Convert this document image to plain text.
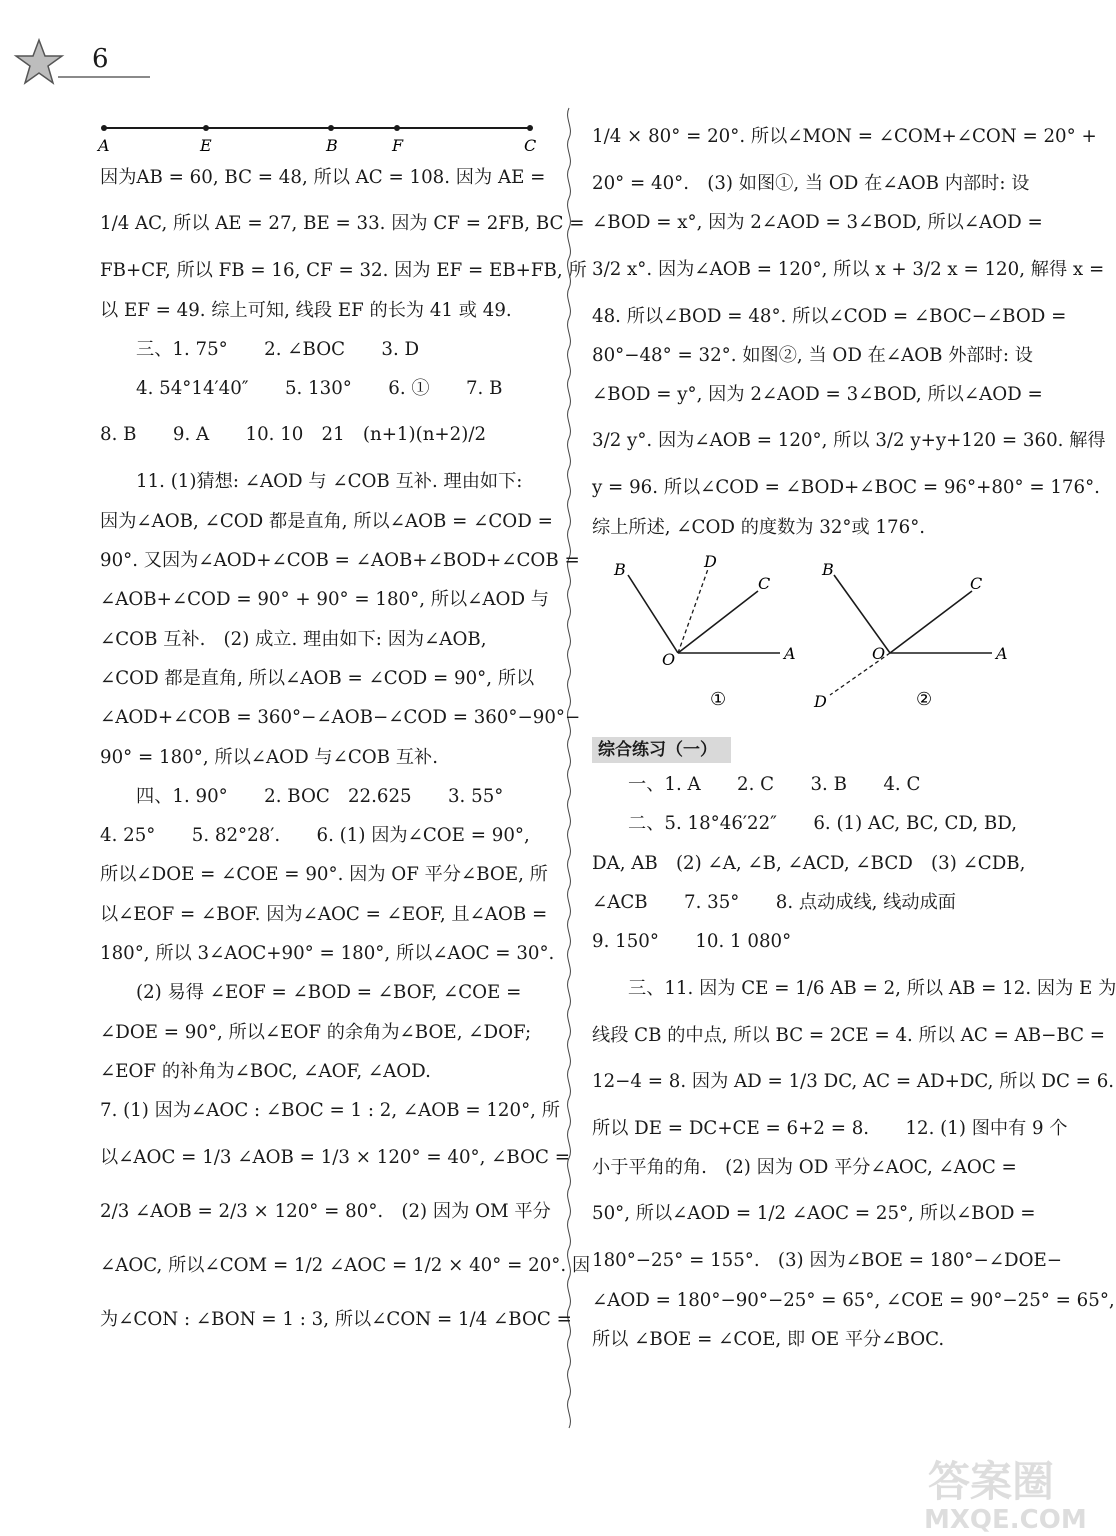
6
A	E	B	F	C
因为AB = 60, BC = 48, 所以 AC = 108. 因为 AE =
1/4 AC, 所以 AE = 27, BE = 33. 因为 CF = 2FB, BC =
FB+CF, 所以 FB = 16, CF = 32. 因为 EF = EB+FB, 所
以 EF = 49. 综上可知, 线段 EF 的长为 41 或 49.
三、1. 75°　　2. ∠BOC　　3. D
4. 54°14′40″　　5. 130°　　6. ①　　7. B
8. B　　9. A　　10. 10　21　(n+1)(n+2)/2
11. (1)猜想: ∠AOD 与 ∠COB 互补. 理由如下:
因为∠AOB, ∠COD 都是直角, 所以∠AOB = ∠COD =
90°. 又因为∠AOD+∠COB = ∠AOB+∠BOD+∠COB =
∠AOB+∠COD = 90° + 90° = 180°, 所以∠AOD 与
∠COB 互补.　(2) 成立. 理由如下: 因为∠AOB,
∠COD 都是直角, 所以∠AOB = ∠COD = 90°, 所以
∠AOD+∠COB = 360°−∠AOB−∠COD = 360°−90°−
90° = 180°, 所以∠AOD 与∠COB 互补.
四、1. 90°　　2. BOC　22.625　　3. 55°
4. 25°　　5. 82°28′.　　6. (1) 因为∠COE = 90°,
所以∠DOE = ∠COE = 90°. 因为 OF 平分∠BOE, 所
以∠EOF = ∠BOF. 因为∠AOC = ∠EOF, 且∠AOB =
180°, 所以 3∠AOC+90° = 180°, 所以∠AOC = 30°.
(2) 易得 ∠EOF = ∠BOD = ∠BOF, ∠COE =
∠DOE = 90°, 所以∠EOF 的余角为∠BOE, ∠DOF;
∠EOF 的补角为∠BOC, ∠AOF, ∠AOD.
7. (1) 因为∠AOC : ∠BOC = 1 : 2, ∠AOB = 120°, 所
以∠AOC = 1/3 ∠AOB = 1/3 × 120° = 40°, ∠BOC =
2/3 ∠AOB = 2/3 × 120° = 80°.　(2) 因为 OM 平分
∠AOC, 所以∠COM = 1/2 ∠AOC = 1/2 × 40° = 20°. 因
为∠CON : ∠BON = 1 : 3, 所以∠CON = 1/4 ∠BOC =
1/4 × 80° = 20°. 所以∠MON = ∠COM+∠CON = 20° +
20° = 40°.　(3) 如图①, 当 OD 在∠AOB 内部时: 设
∠BOD = x°, 因为 2∠AOD = 3∠BOD, 所以∠AOD =
3/2 x°. 因为∠AOB = 120°, 所以 x + 3/2 x = 120, 解得 x =
48. 所以∠BOD = 48°. 所以∠COD = ∠BOC−∠BOD =
80°−48° = 32°. 如图②, 当 OD 在∠AOB 外部时: 设
∠BOD = y°, 因为 2∠AOD = 3∠BOD, 所以∠AOD =
3/2 y°. 因为∠AOB = 120°, 所以 3/2 y+y+120 = 360. 解得
y = 96. 所以∠COD = ∠BOD+∠BOC = 96°+80° = 176°.
综上所述, ∠COD 的度数为 32°或 176°.
B	D
C
O	A
①
B
C
O	A
D	②
综合练习（一）
一、1. A　　2. C　　3. B　　4. C
二、5. 18°46′22″　　6. (1) AC, BC, CD, BD,
DA, AB　(2) ∠A, ∠B, ∠ACD, ∠BCD　(3) ∠CDB,
∠ACB　　7. 35°　　8. 点动成线, 线动成面
9. 150°　　10. 1 080°
三、11. 因为 CE = 1/6 AB = 2, 所以 AB = 12. 因为 E 为
线段 CB 的中点, 所以 BC = 2CE = 4. 所以 AC = AB−BC =
12−4 = 8. 因为 AD = 1/3 DC, AC = AD+DC, 所以 DC = 6.
所以 DE = DC+CE = 6+2 = 8.　　12. (1) 图中有 9 个
小于平角的角.　(2) 因为 OD 平分∠AOC, ∠AOC =
50°, 所以∠AOD = 1/2 ∠AOC = 25°, 所以∠BOD =
180°−25° = 155°.　(3) 因为∠BOE = 180°−∠DOE−
∠AOD = 180°−90°−25° = 65°, ∠COE = 90°−25° = 65°,
所以 ∠BOE = ∠COE, 即 OE 平分∠BOC.
答案圈
MXQE.COM
